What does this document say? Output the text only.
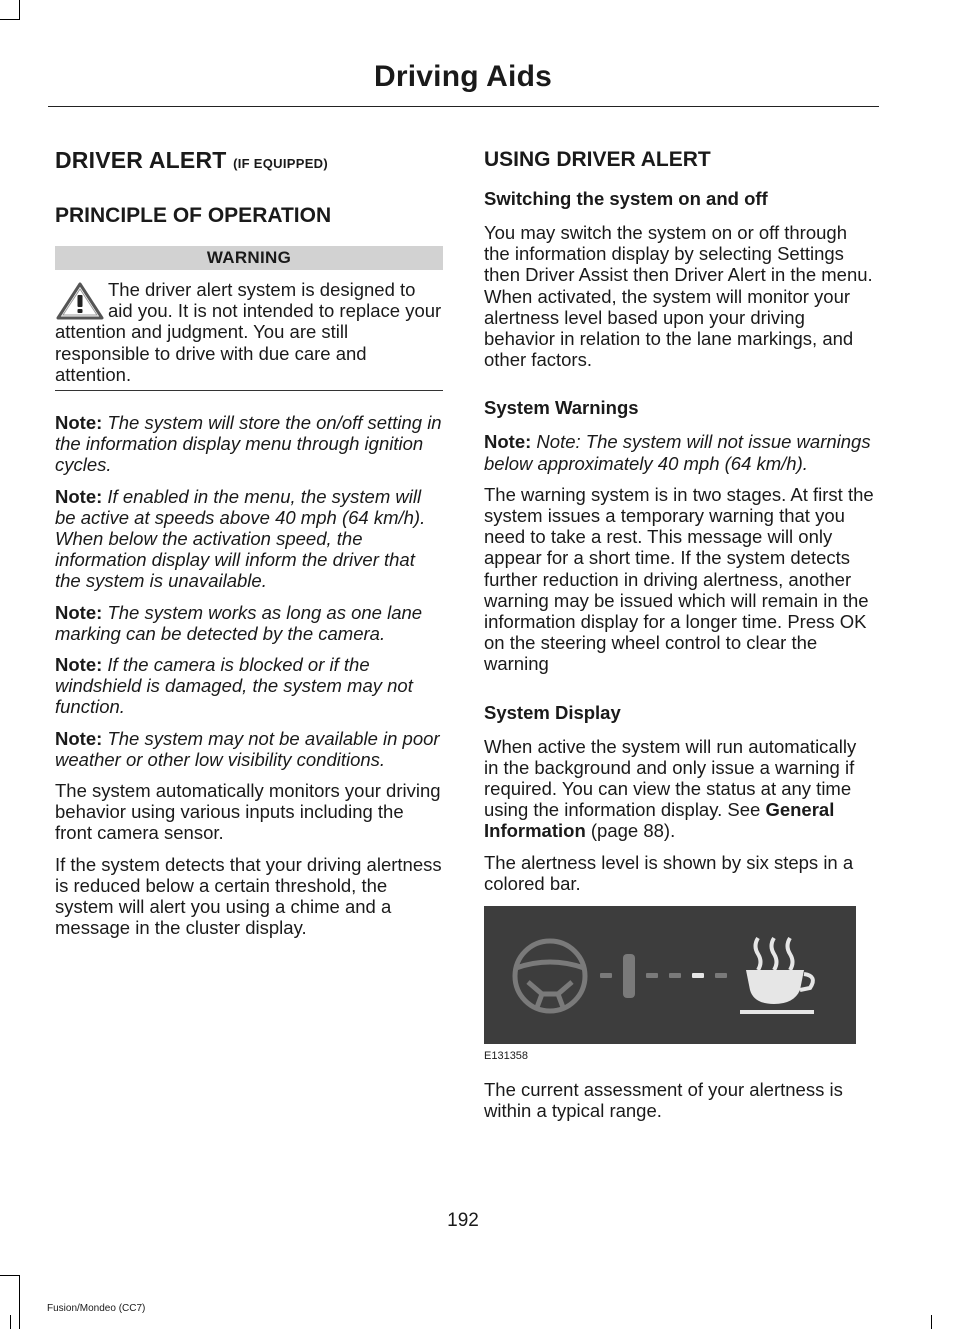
Driving Aids
DRIVER ALERT (IF EQUIPPED)
PRINCIPLE OF OPERATION
WARNING

The driver alert system is designed to aid you. It is not intended to replace your attention and judgment. You are still responsible to drive with due care and attention.

Note: The system will store the on/off setting in the information display menu through ignition cycles.

Note: If enabled in the menu, the system will be active at speeds above 40 mph (64 km/h). When below the activation speed, the information display will inform the driver that the system is unavailable.

Note: The system works as long as one lane marking can be detected by the camera.

Note: If the camera is blocked or if the windshield is damaged, the system may not function.

Note: The system may not be available in poor weather or other low visibility conditions.

The system automatically monitors your driving behavior using various inputs including the front camera sensor.

If the system detects that your driving alertness is reduced below a certain threshold, the system will alert you using a chime and a message in the cluster display.

USING DRIVER ALERT
Switching the system on and off

You may switch the system on or off through the information display by selecting Settings then Driver Assist then Driver Alert in the menu. When activated, the system will monitor your alertness level based upon your driving behavior in relation to the lane markings, and other factors.

System Warnings

Note: Note: The system will not issue warnings below approximately 40 mph (64 km/h).

The warning system is in two stages. At first the system issues a temporary warning that you need to take a rest. This message will only appear for a short time. If the system detects further reduction in driving alertness, another warning may be issued which will remain in the information display for a longer time. Press OK on the steering wheel control to clear the warning

System Display

When active the system will run automatically in the background and only issue a warning if required. You can view the status at any time using the information display. See General Information (page 88).

The alertness level is shown by six steps in a colored bar.

E131358

The current assessment of your alertness is within a typical range.

192
Fusion/Mondeo (CC7)
